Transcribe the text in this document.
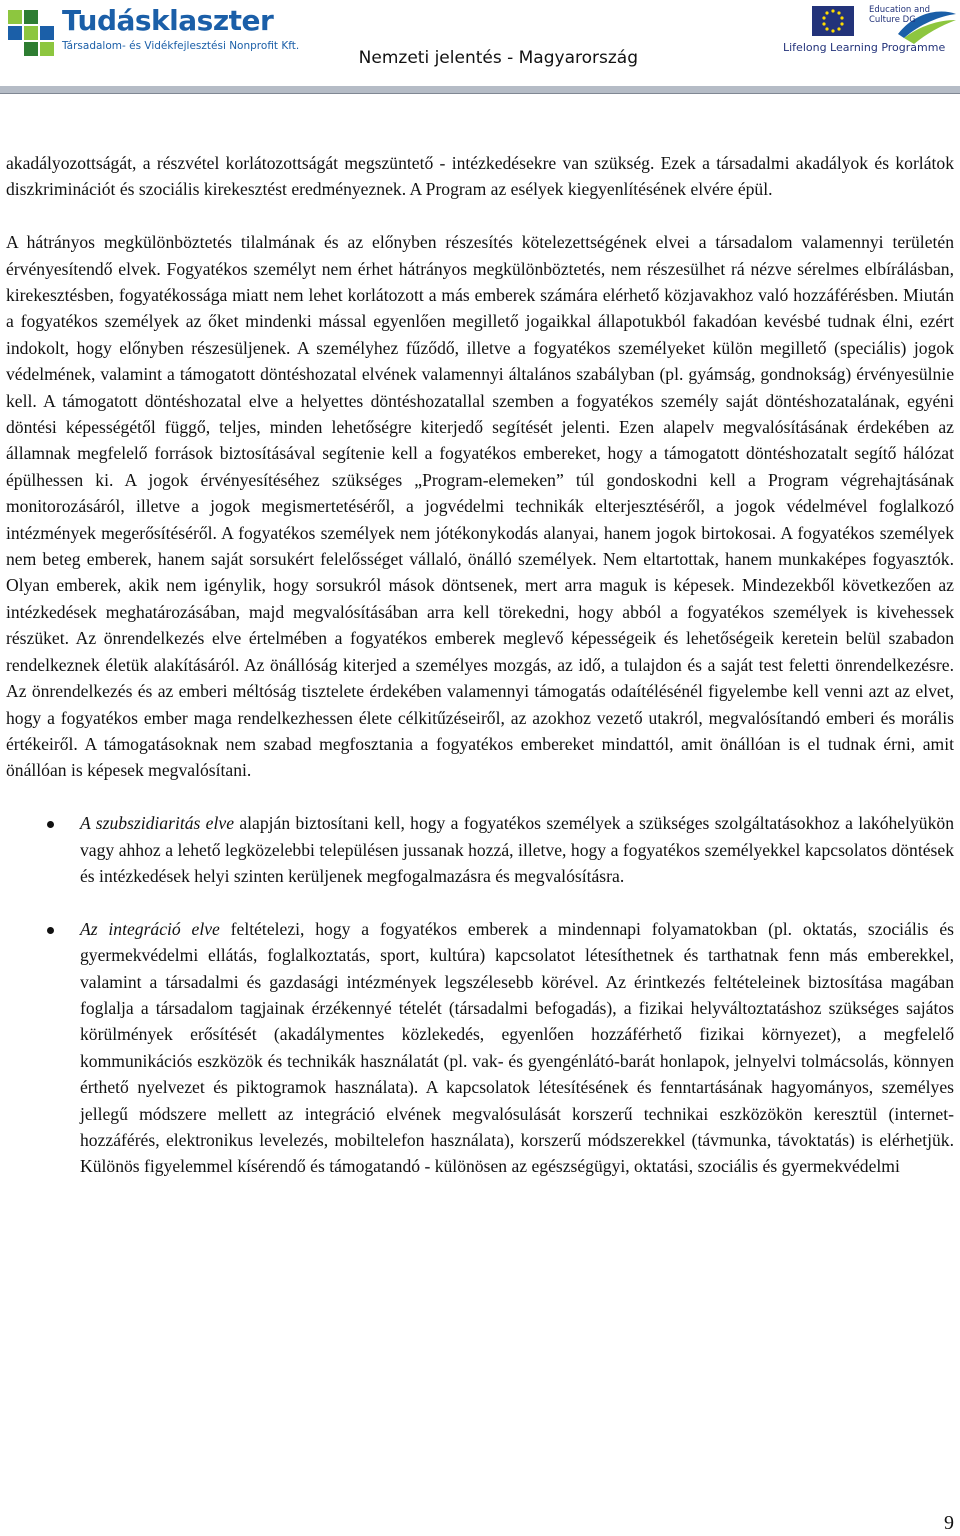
Tudásklaszter
Társadalom- és Vidékfejlesztési Nonprofit Kft.
Education and Culture DG
Lifelong Learning Programme
Nemzeti jelentés - Magyarország

akadályozottságát, a részvétel korlátozottságát megszüntető - intézkedésekre van szükség. Ezek a társadalmi akadályok és korlátok diszkriminációt és szociális kirekesztést eredményeznek. A Program az esélyek kiegyenlítésének elvére épül.

A hátrányos megkülönböztetés tilalmának és az előnyben részesítés kötelezettségének elvei a társadalom valamennyi területén érvényesítendő elvek. Fogyatékos személyt nem érhet hátrányos megkülönböztetés, nem részesülhet rá nézve sérelmes elbírálásban, kirekesztésben, fogyatékossága miatt nem lehet korlátozott a más emberek számára elérhető közjavakhoz való hozzáférésben. Miután a fogyatékos személyek az őket mindenki mással egyenlően megillető jogaikkal állapotukból fakadóan kevésbé tudnak élni, ezért indokolt, hogy előnyben részesüljenek. A személyhez fűződő, illetve a fogyatékos személyeket külön megillető (speciális) jogok védelmének, valamint a támogatott döntéshozatal elvének valamennyi általános szabályban (pl. gyámság, gondnokság) érvényesülnie kell. A támogatott döntéshozatal elve a helyettes döntéshozatallal szemben a fogyatékos személy saját döntéshozatalának, egyéni döntési képességétől függő, teljes, minden lehetőségre kiterjedő segítését jelenti. Ezen alapelv megvalósításának érdekében az államnak megfelelő források biztosításával segítenie kell a fogyatékos embereket, hogy a támogatott döntéshozatalt segítő hálózat épülhessen ki. A jogok érvényesítéséhez szükséges „Program-elemeken” túl gondoskodni kell a Program végrehajtásának monitorozásáról, illetve a jogok megismertetéséről, a jogvédelmi technikák elterjesztéséről, a jogok védelmével foglalkozó intézmények megerősítéséről. A fogyatékos személyek nem jótékonykodás alanyai, hanem jogok birtokosai. A fogyatékos személyek nem beteg emberek, hanem saját sorsukért felelősséget vállaló, önálló személyek. Nem eltartottak, hanem munkaképes fogyasztók. Olyan emberek, akik nem igénylik, hogy sorsukról mások döntsenek, mert arra maguk is képesek. Mindezekből következően az intézkedések meghatározásában, majd megvalósításában arra kell törekedni, hogy abból a fogyatékos személyek is kivehessek részüket. Az önrendelkezés elve értelmében a fogyatékos emberek meglevő képességeik és lehetőségeik keretein belül szabadon rendelkeznek életük alakításáról. Az önállóság kiterjed a személyes mozgás, az idő, a tulajdon és a saját test feletti önrendelkezésre. Az önrendelkezés és az emberi méltóság tisztelete érdekében valamennyi támogatás odaítélésénél figyelembe kell venni azt az elvet, hogy a fogyatékos ember maga rendelkezhessen élete célkitűzéseiről, az azokhoz vezető utakról, megvalósítandó emberi és morális értékeiről. A támogatásoknak nem szabad megfosztania a fogyatékos embereket mindattól, amit önállóan is el tudnak érni, amit önállóan is képesek megvalósítani.

A szubszidiaritás elve alapján biztosítani kell, hogy a fogyatékos személyek a szükséges szolgáltatásokhoz a lakóhelyükön vagy ahhoz a lehető legközelebbi településen jussanak hozzá, illetve, hogy a fogyatékos személyekkel kapcsolatos döntések és intézkedések helyi szinten kerüljenek megfogalmazásra és megvalósításra.
Az integráció elve feltételezi, hogy a fogyatékos emberek a mindennapi folyamatokban (pl. oktatás, szociális és gyermekvédelmi ellátás, foglalkoztatás, sport, kultúra) kapcsolatot létesíthetnek és tarthatnak fenn más emberekkel, valamint a társadalmi és gazdasági intézmények legszélesebb körével. Az érintkezés feltételeinek biztosítása magában foglalja a társadalom tagjainak érzékennyé tételét (társadalmi befogadás), a fizikai helyváltoztatáshoz szükséges sajátos körülmények erősítését (akadálymentes közlekedés, egyenlően hozzáférhető fizikai környezet), a megfelelő kommunikációs eszközök és technikák használatát (pl. vak- és gyengénlátó-barát honlapok, jelnyelvi tolmácsolás, könnyen érthető nyelvezet és piktogramok használata). A kapcsolatok létesítésének és fenntartásának hagyományos, személyes jellegű módszere mellett az integráció elvének megvalósulását korszerű technikai eszközökön keresztül (internet-hozzáférés, elektronikus levelezés, mobiltelefon használata), korszerű módszerekkel (távmunka, távoktatás) is elérhetjük. Különös figyelemmel kísérendő és támogatandó - különösen az egészségügyi, oktatási, szociális és gyermekvédelmi
9
